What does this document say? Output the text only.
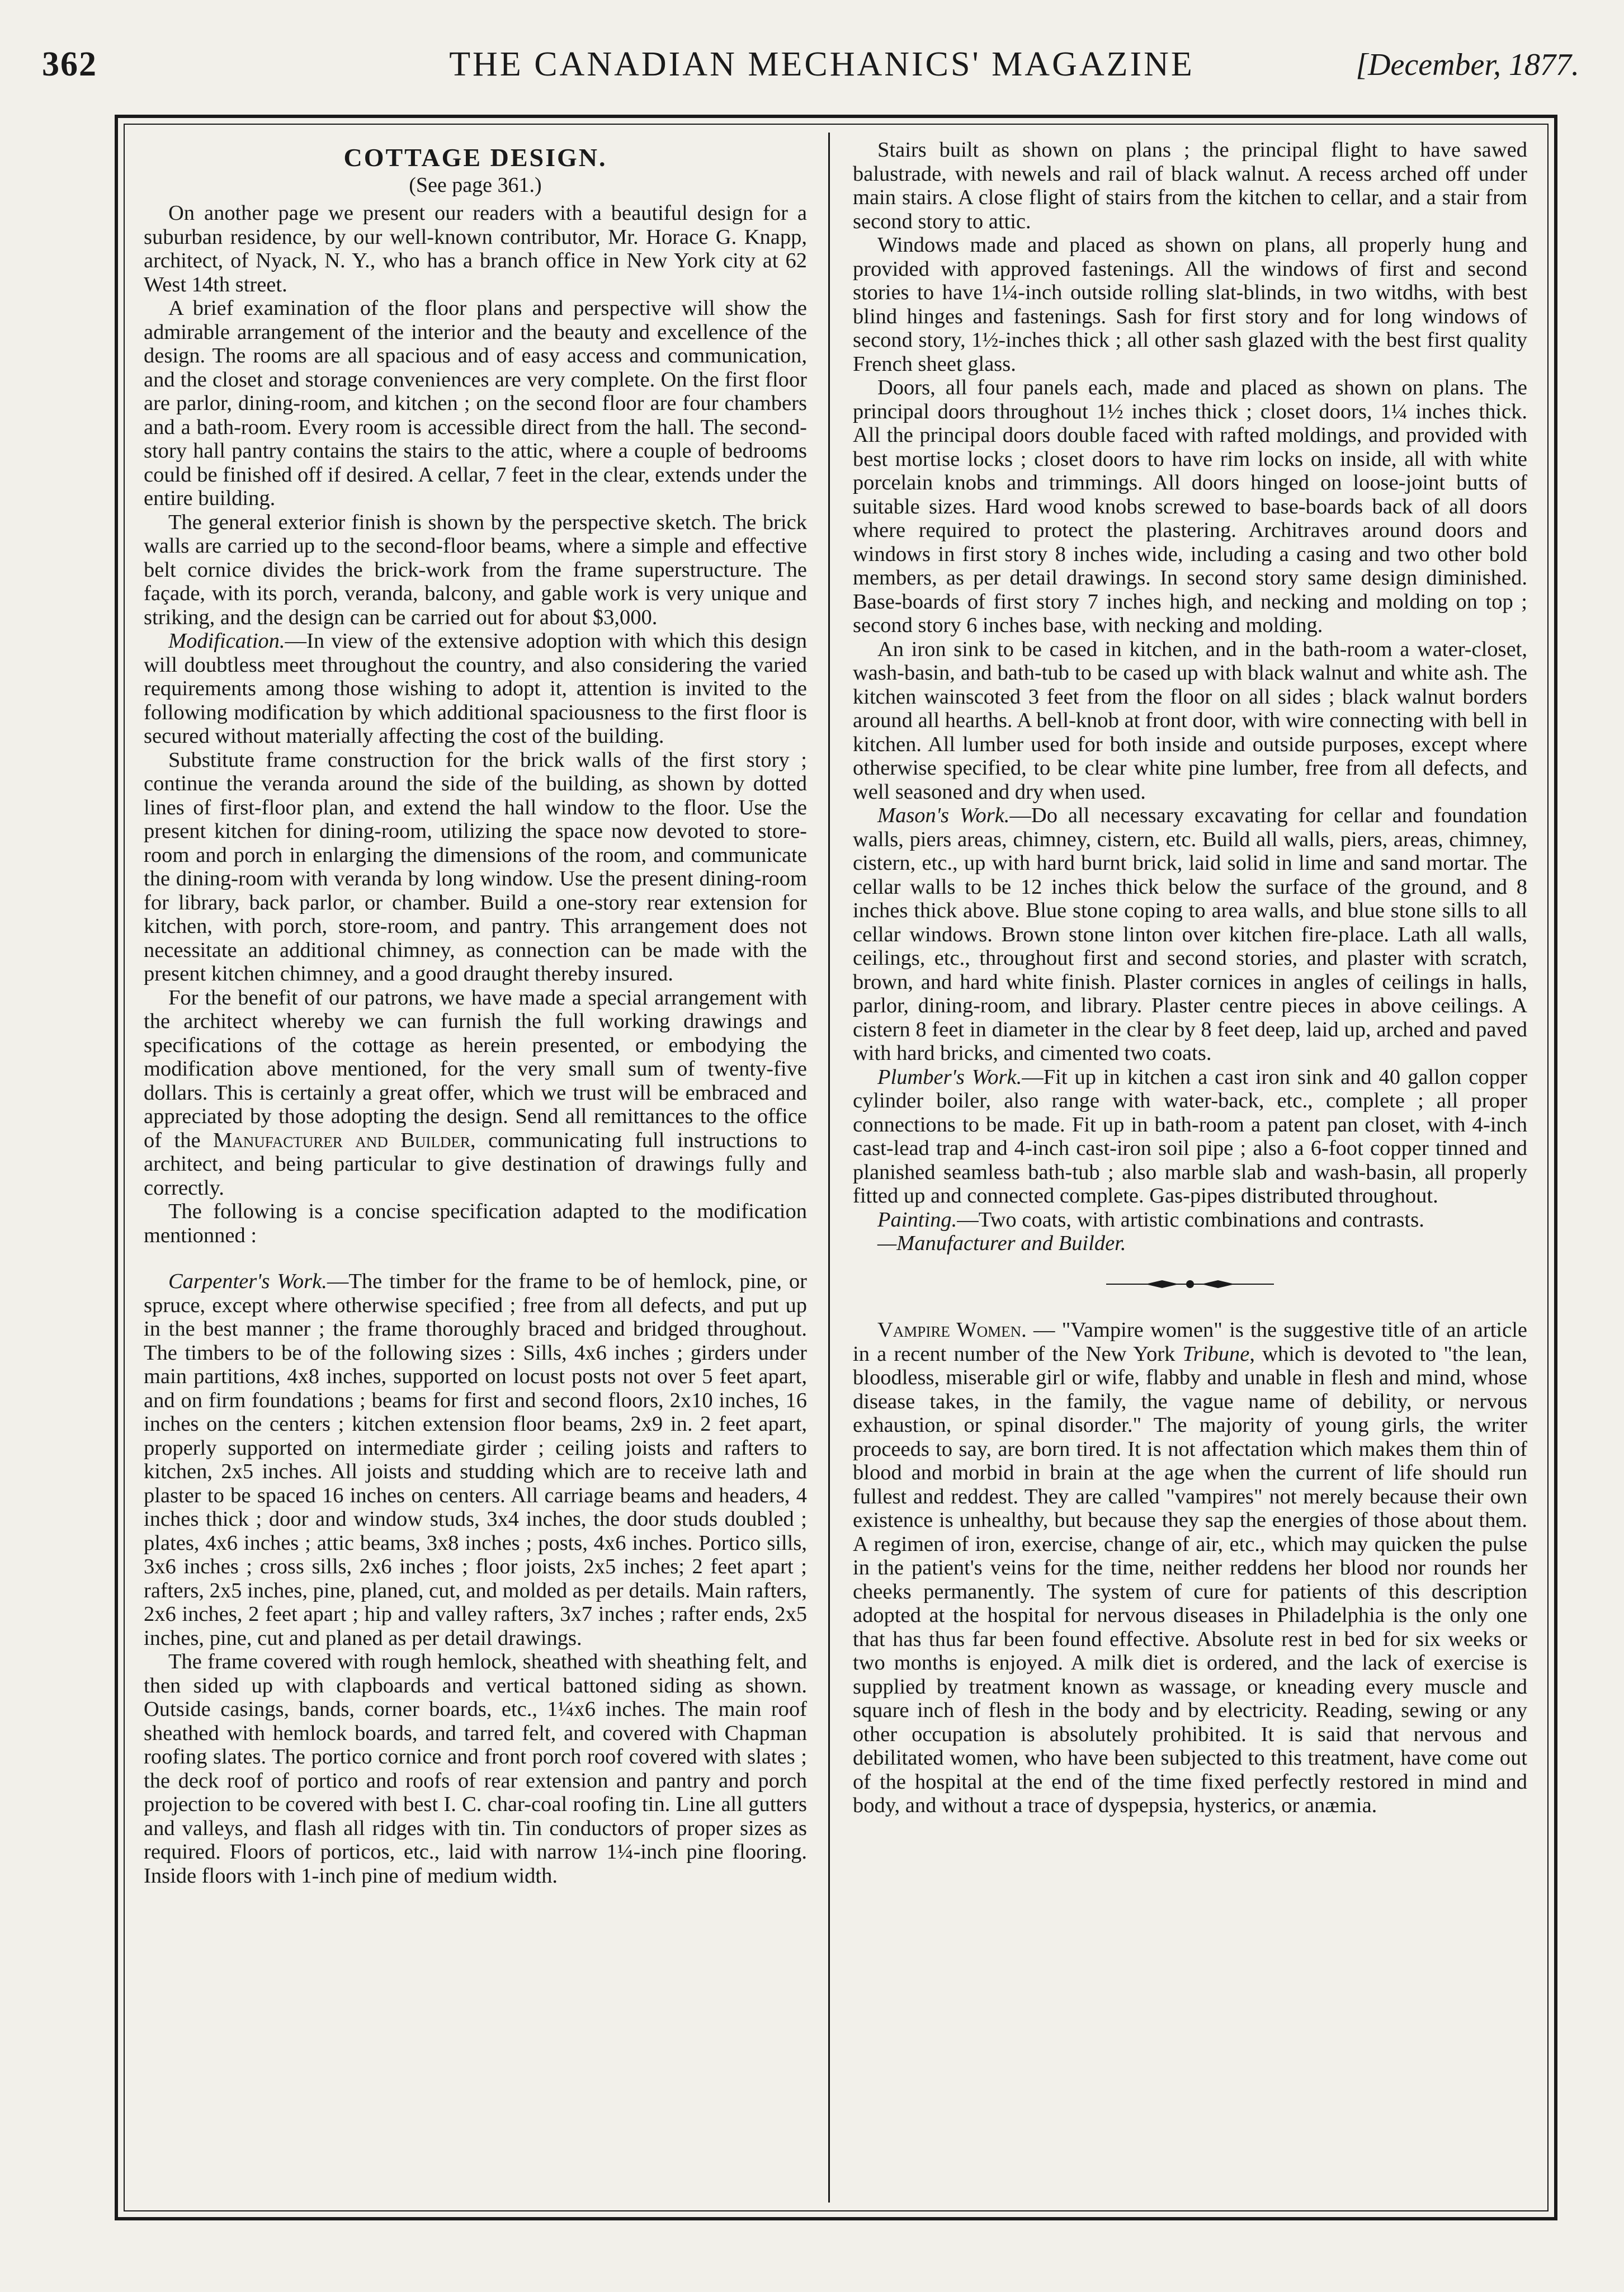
362	THE CANADIAN MECHANICS' MAGAZINE	[December, 1877.
COTTAGE DESIGN.
(See page 361.)

On another page we present our readers with a beautiful design for a suburban residence, by our well-known contributor, Mr. Horace G. Knapp, architect, of Nyack, N. Y., who has a branch office in New York city at 62 West 14th street.

A brief examination of the floor plans and perspective will show the admirable arrangement of the interior and the beauty and excellence of the design. The rooms are all spacious and of easy access and communication, and the closet and storage conveniences are very complete. On the first floor are parlor, dining-room, and kitchen ; on the second floor are four chambers and a bath-room. Every room is accessible direct from the hall. The second-story hall pantry contains the stairs to the attic, where a couple of bedrooms could be finished off if desired. A cellar, 7 feet in the clear, extends under the entire building.

The general exterior finish is shown by the perspective sketch. The brick walls are carried up to the second-floor beams, where a simple and effective belt cornice divides the brick-work from the frame superstructure. The façade, with its porch, veranda, balcony, and gable work is very unique and striking, and the design can be carried out for about $3,000.

Modification.—In view of the extensive adoption with which this design will doubtless meet throughout the country, and also considering the varied requirements among those wishing to adopt it, attention is invited to the following modification by which additional spaciousness to the first floor is secured without materially affecting the cost of the building.

Substitute frame construction for the brick walls of the first story ; continue the veranda around the side of the building, as shown by dotted lines of first-floor plan, and extend the hall window to the floor. Use the present kitchen for dining-room, utilizing the space now devoted to store-room and porch in enlarging the dimensions of the room, and communicate the dining-room with veranda by long window. Use the present dining-room for library, back parlor, or chamber. Build a one-story rear extension for kitchen, with porch, store-room, and pantry. This arrangement does not necessitate an additional chimney, as connection can be made with the present kitchen chimney, and a good draught thereby insured.

For the benefit of our patrons, we have made a special arrangement with the architect whereby we can furnish the full working drawings and specifications of the cottage as herein presented, or embodying the modification above mentioned, for the very small sum of twenty-five dollars. This is certainly a great offer, which we trust will be embraced and appreciated by those adopting the design. Send all remittances to the office of the Manufacturer and Builder, communicating full instructions to architect, and being particular to give destination of drawings fully and correctly.

The following is a concise specification adapted to the modification mentionned :

Carpenter's Work.—The timber for the frame to be of hemlock, pine, or spruce, except where otherwise specified ; free from all defects, and put up in the best manner ; the frame thoroughly braced and bridged throughout. The timbers to be of the following sizes : Sills, 4x6 inches ; girders under main partitions, 4x8 inches, supported on locust posts not over 5 feet apart, and on firm foundations ; beams for first and second floors, 2x10 inches, 16 inches on the centers ; kitchen extension floor beams, 2x9 in. 2 feet apart, properly supported on intermediate girder ; ceiling joists and rafters to kitchen, 2x5 inches. All joists and studding which are to receive lath and plaster to be spaced 16 inches on centers. All carriage beams and headers, 4 inches thick ; door and window studs, 3x4 inches, the door studs doubled ; plates, 4x6 inches ; attic beams, 3x8 inches ; posts, 4x6 inches. Portico sills, 3x6 inches ; cross sills, 2x6 inches ; floor joists, 2x5 inches; 2 feet apart ; rafters, 2x5 inches, pine, planed, cut, and molded as per details. Main rafters, 2x6 inches, 2 feet apart ; hip and valley rafters, 3x7 inches ; rafter ends, 2x5 inches, pine, cut and planed as per detail drawings.

The frame covered with rough hemlock, sheathed with sheathing felt, and then sided up with clapboards and vertical battoned siding as shown. Outside casings, bands, corner boards, etc., 1¼x6 inches. The main roof sheathed with hemlock boards, and tarred felt, and covered with Chapman roofing slates. The portico cornice and front porch roof covered with slates ; the deck roof of portico and roofs of rear extension and pantry and porch projection to be covered with best I. C. char-coal roofing tin. Line all gutters and valleys, and flash all ridges with tin. Tin conductors of proper sizes as required. Floors of porticos, etc., laid with narrow 1¼-inch pine flooring. Inside floors with 1-inch pine of medium width.

Stairs built as shown on plans ; the principal flight to have sawed balustrade, with newels and rail of black walnut. A recess arched off under main stairs. A close flight of stairs from the kitchen to cellar, and a stair from second story to attic.

Windows made and placed as shown on plans, all properly hung and provided with approved fastenings. All the windows of first and second stories to have 1¼-inch outside rolling slat-blinds, in two witdhs, with best blind hinges and fastenings. Sash for first story and for long windows of second story, 1½-inches thick ; all other sash glazed with the best first quality French sheet glass.

Doors, all four panels each, made and placed as shown on plans. The principal doors throughout 1½ inches thick ; closet doors, 1¼ inches thick. All the principal doors double faced with rafted moldings, and provided with best mortise locks ; closet doors to have rim locks on inside, all with white porcelain knobs and trimmings. All doors hinged on loose-joint butts of suitable sizes. Hard wood knobs screwed to base-boards back of all doors where required to protect the plastering. Architraves around doors and windows in first story 8 inches wide, including a casing and two other bold members, as per detail drawings. In second story same design diminished. Base-boards of first story 7 inches high, and necking and molding on top ; second story 6 inches base, with necking and molding.

An iron sink to be cased in kitchen, and in the bath-room a water-closet, wash-basin, and bath-tub to be cased up with black walnut and white ash. The kitchen wainscoted 3 feet from the floor on all sides ; black walnut borders around all hearths. A bell-knob at front door, with wire connecting with bell in kitchen. All lumber used for both inside and outside purposes, except where otherwise specified, to be clear white pine lumber, free from all defects, and well seasoned and dry when used.

Mason's Work.—Do all necessary excavating for cellar and foundation walls, piers areas, chimney, cistern, etc. Build all walls, piers, areas, chimney, cistern, etc., up with hard burnt brick, laid solid in lime and sand mortar. The cellar walls to be 12 inches thick below the surface of the ground, and 8 inches thick above. Blue stone coping to area walls, and blue stone sills to all cellar windows. Brown stone linton over kitchen fire-place. Lath all walls, ceilings, etc., throughout first and second stories, and plaster with scratch, brown, and hard white finish. Plaster cornices in angles of ceilings in halls, parlor, dining-room, and library. Plaster centre pieces in above ceilings. A cistern 8 feet in diameter in the clear by 8 feet deep, laid up, arched and paved with hard bricks, and cimented two coats.

Plumber's Work.—Fit up in kitchen a cast iron sink and 40 gallon copper cylinder boiler, also range with water-back, etc., complete ; all proper connections to be made. Fit up in bath-room a patent pan closet, with 4-inch cast-lead trap and 4-inch cast-iron soil pipe ; also a 6-foot copper tinned and planished seamless bath-tub ; also marble slab and wash-basin, all properly fitted up and connected complete. Gas-pipes distributed throughout.

Painting.—Two coats, with artistic combinations and contrasts.

—Manufacturer and Builder.

Vampire Women. — "Vampire women" is the suggestive title of an article in a recent number of the New York Tribune, which is devoted to "the lean, bloodless, miserable girl or wife, flabby and unable in flesh and mind, whose disease takes, in the family, the vague name of debility, or nervous exhaustion, or spinal disorder." The majority of young girls, the writer proceeds to say, are born tired. It is not affectation which makes them thin of blood and morbid in brain at the age when the current of life should run fullest and reddest. They are called "vampires" not merely because their own existence is unhealthy, but because they sap the energies of those about them. A regimen of iron, exercise, change of air, etc., which may quicken the pulse in the patient's veins for the time, neither reddens her blood nor rounds her cheeks permanently. The system of cure for patients of this description adopted at the hospital for nervous diseases in Philadelphia is the only one that has thus far been found effective. Absolute rest in bed for six weeks or two months is enjoyed. A milk diet is ordered, and the lack of exercise is supplied by treatment known as wassage, or kneading every muscle and square inch of flesh in the body and by electricity. Reading, sewing or any other occupation is absolutely prohibited. It is said that nervous and debilitated women, who have been subjected to this treatment, have come out of the hospital at the end of the time fixed perfectly restored in mind and body, and without a trace of dyspepsia, hysterics, or anæmia.
